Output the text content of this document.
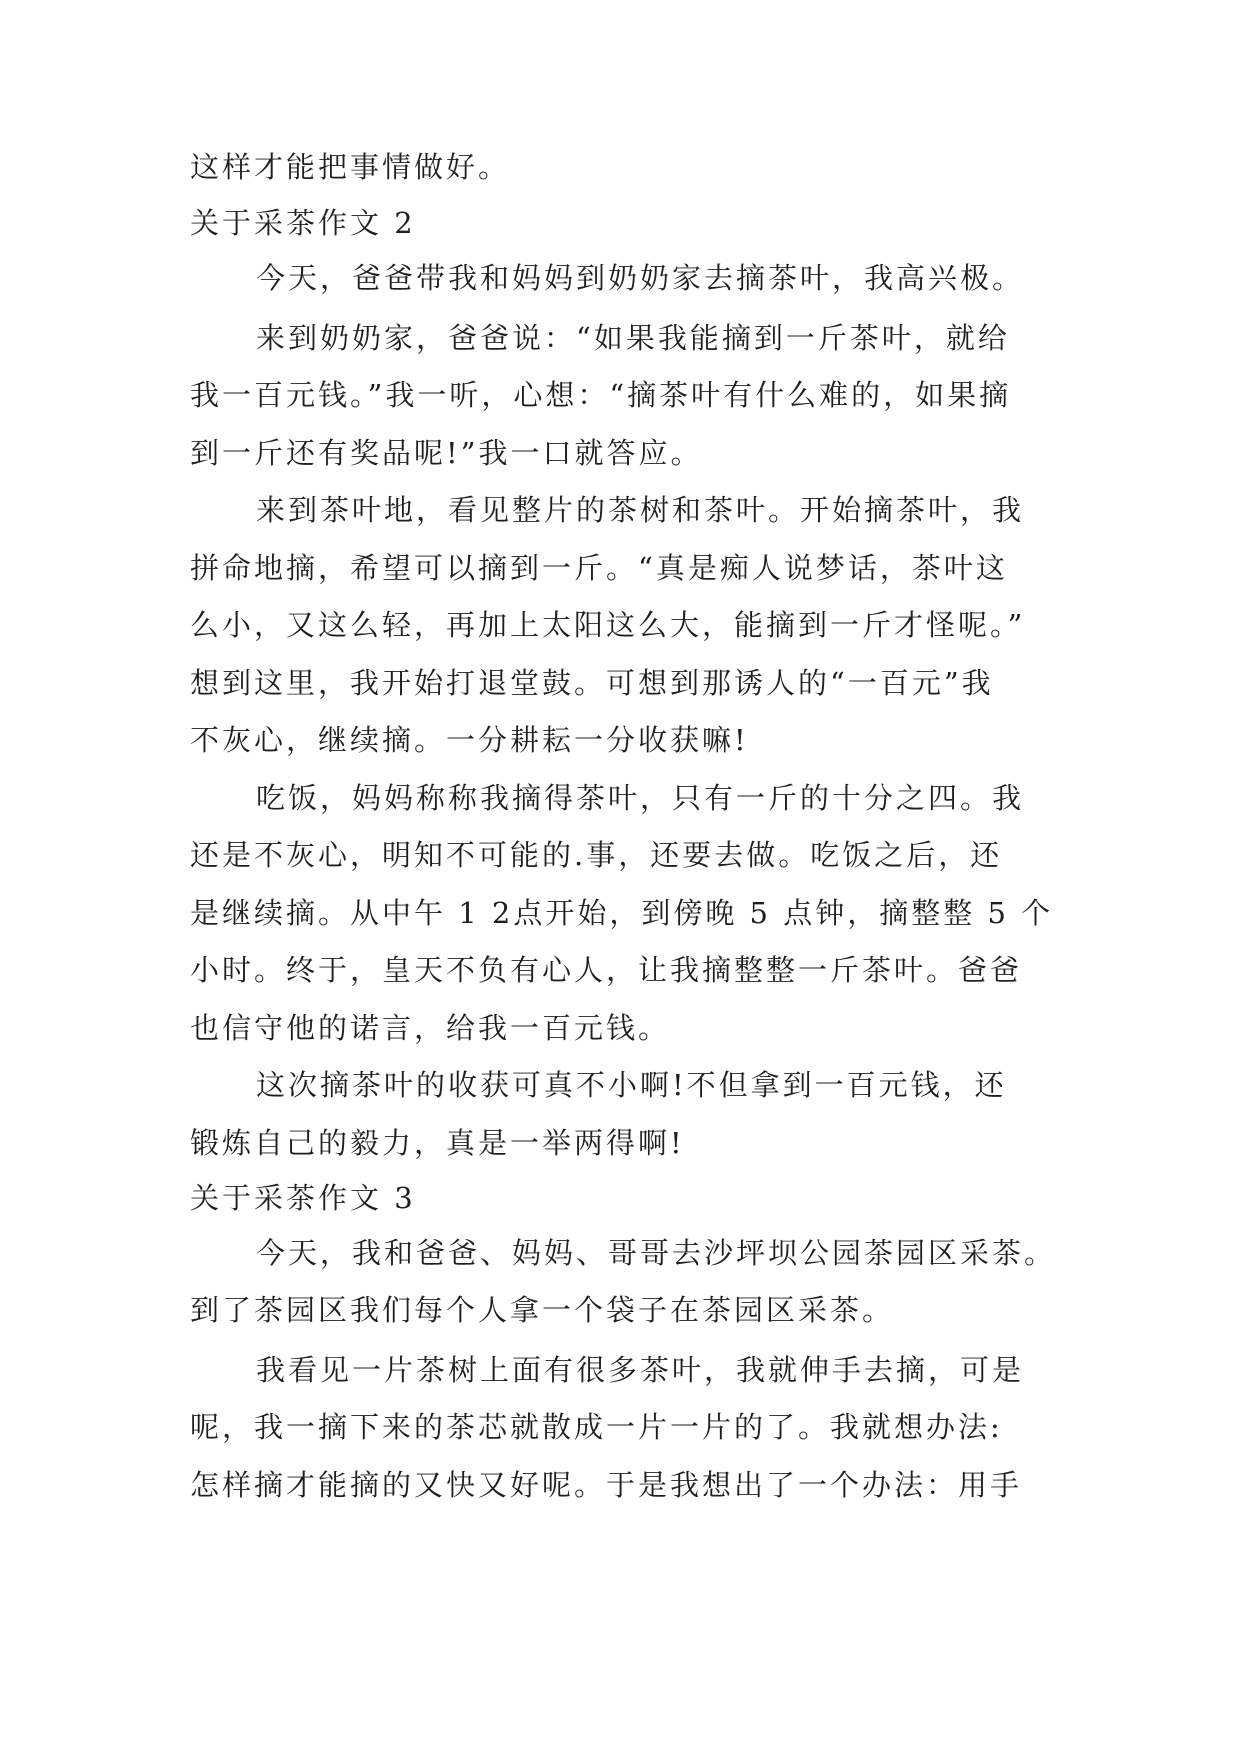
这样才能把事情做好。
关于采茶作文 2
今天，爸爸带我和妈妈到奶奶家去摘茶叶，我高兴极。
来到奶奶家，爸爸说：“如果我能摘到一斤茶叶，就给
我一百元钱。”我一听，心想：“摘茶叶有什么难的，如果摘
到一斤还有奖品呢!”我一口就答应。
来到茶叶地，看见整片的茶树和茶叶。开始摘茶叶，我
拼命地摘，希望可以摘到一斤。“真是痴人说梦话，茶叶这
么小，又这么轻，再加上太阳这么大，能摘到一斤才怪呢。”
想到这里，我开始打退堂鼓。可想到那诱人的“一百元”我
不灰心，继续摘。一分耕耘一分收获嘛!
吃饭，妈妈称称我摘得茶叶，只有一斤的十分之四。我
还是不灰心，明知不可能的.事，还要去做。吃饭之后，还
是继续摘。从中午 1 2点开始，到傍晚 5 点钟，摘整整 5 个
小时。终于，皇天不负有心人，让我摘整整一斤茶叶。爸爸
也信守他的诺言，给我一百元钱。
这次摘茶叶的收获可真不小啊!不但拿到一百元钱，还
锻炼自己的毅力，真是一举两得啊!
关于采茶作文 3
今天，我和爸爸、妈妈、哥哥去沙坪坝公园茶园区采茶。
到了茶园区我们每个人拿一个袋子在茶园区采茶。
我看见一片茶树上面有很多茶叶，我就伸手去摘，可是
呢，我一摘下来的茶芯就散成一片一片的了。我就想办法:
怎样摘才能摘的又快又好呢。于是我想出了一个办法：用手
